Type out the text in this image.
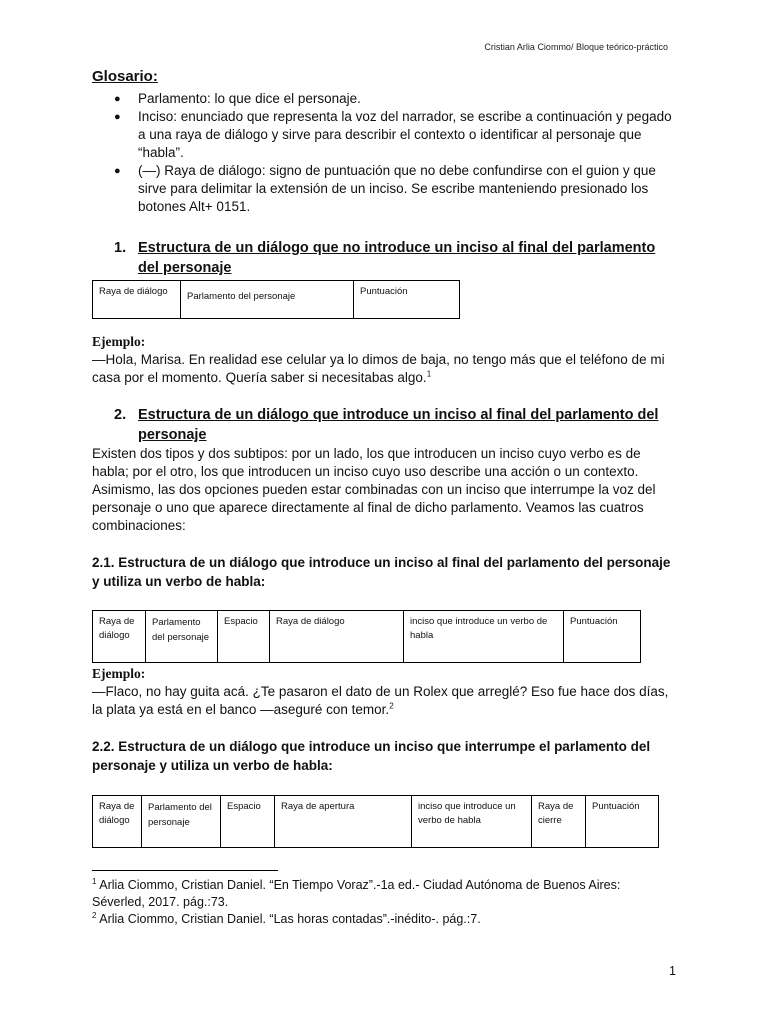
Cristian Arlia Ciommo/ Bloque teórico-práctico
Glosario:
● Parlamento: lo que dice el personaje.
● Inciso: enunciado que representa la voz del narrador, se escribe a continuación y pegado a una raya de diálogo y sirve para describir el contexto o identificar al personaje que “habla”.
● (—) Raya de diálogo: signo de puntuación que no debe confundirse con el guion y que sirve para delimitar la extensión de un inciso. Se escribe manteniendo presionado los botones Alt+ 0151.
1. Estructura de un diálogo que no introduce un inciso al final del parlamento del personaje
Raya de diálogo	Parlamento del personaje	Puntuación

Ejemplo:

—Hola, Marisa. En realidad ese celular ya lo dimos de baja, no tengo más que el teléfono de mi casa por el momento. Quería saber si necesitabas algo.$^1$

2. Estructura de un diálogo que introduce un inciso al final del parlamento del personaje

Existen dos tipos y dos subtipos: por un lado, los que introducen un inciso cuyo verbo es de habla; por el otro, los que introducen un inciso cuyo uso describe una acción o un contexto. Asimismo, las dos opciones pueden estar combinadas con un inciso que interrumpe la voz del personaje o uno que aparece directamente al final de dicho parlamento. Veamos las cuatros combinaciones:

2.1. Estructura de un diálogo que introduce un inciso al final del parlamento del personaje y utiliza un verbo de habla:

Raya de diálogo	Parlamento del personaje	Espacio	Raya de diálogo	inciso que introduce un verbo de habla	Puntuación

Ejemplo:

—Flaco, no hay guita acá. ¿Te pasaron el dato de un Rolex que arreglé? Eso fue hace dos días, la plata ya está en el banco —aseguré con temor.$^2$

2.2. Estructura de un diálogo que introduce un inciso que interrumpe el parlamento del personaje y utiliza un verbo de habla:

Raya de diálogo	Parlamento del personaje	Espacio	Raya de apertura	inciso que introduce un verbo de habla	Raya de cierre	Puntuación

$^1$ Arlia Ciommo, Cristian Daniel. “En Tiempo Voraz”.-1a ed.- Ciudad Autónoma de Buenos Aires: Séverled, 2017. pág.:73.

$^2$ Arlia Ciommo, Cristian Daniel. “Las horas contadas”.-inédito-. pág.:7.

1
